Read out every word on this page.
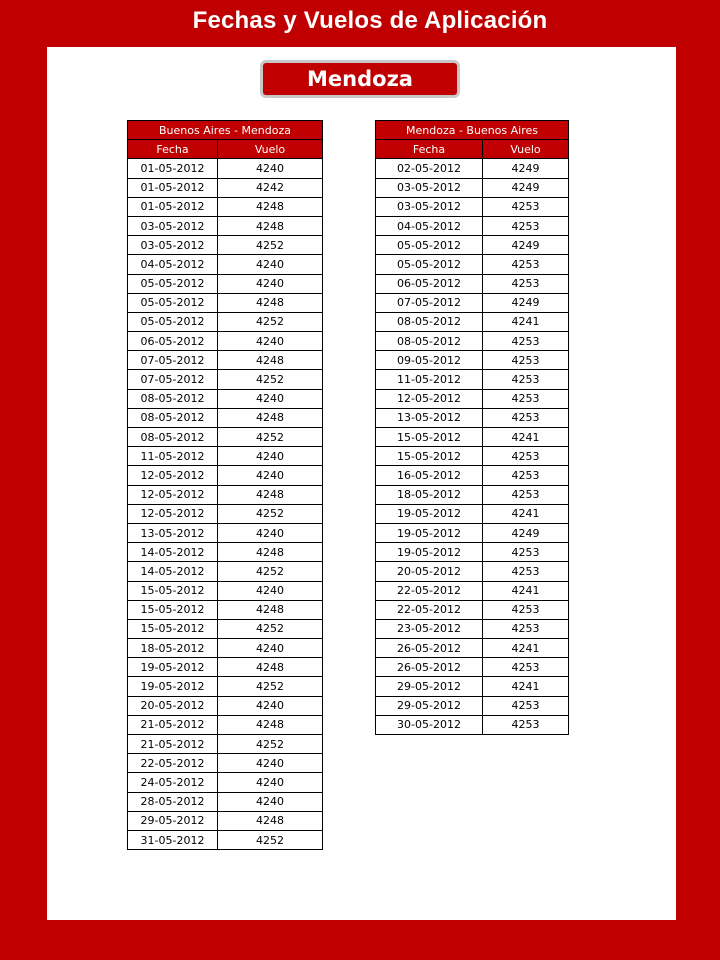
Fechas y Vuelos de Aplicación
Mendoza
Buenos Aires - Mendoza	
Fecha	Vuelo
01-05-2012	4240
01-05-2012	4242
01-05-2012	4248
03-05-2012	4248
03-05-2012	4252
04-05-2012	4240
05-05-2012	4240
05-05-2012	4248
05-05-2012	4252
06-05-2012	4240
07-05-2012	4248
07-05-2012	4252
08-05-2012	4240
08-05-2012	4248
08-05-2012	4252
11-05-2012	4240
12-05-2012	4240
12-05-2012	4248
12-05-2012	4252
13-05-2012	4240
14-05-2012	4248
14-05-2012	4252
15-05-2012	4240
15-05-2012	4248
15-05-2012	4252
18-05-2012	4240
19-05-2012	4248
19-05-2012	4252
20-05-2012	4240
21-05-2012	4248
21-05-2012	4252
22-05-2012	4240
24-05-2012	4240
28-05-2012	4240
29-05-2012	4248
31-05-2012	4252
Mendoza - Buenos Aires	
Fecha	Vuelo
02-05-2012	4249
03-05-2012	4249
03-05-2012	4253
04-05-2012	4253
05-05-2012	4249
05-05-2012	4253
06-05-2012	4253
07-05-2012	4249
08-05-2012	4241
08-05-2012	4253
09-05-2012	4253
11-05-2012	4253
12-05-2012	4253
13-05-2012	4253
15-05-2012	4241
15-05-2012	4253
16-05-2012	4253
18-05-2012	4253
19-05-2012	4241
19-05-2012	4249
19-05-2012	4253
20-05-2012	4253
22-05-2012	4241
22-05-2012	4253
23-05-2012	4253
26-05-2012	4241
26-05-2012	4253
29-05-2012	4241
29-05-2012	4253
30-05-2012	4253
